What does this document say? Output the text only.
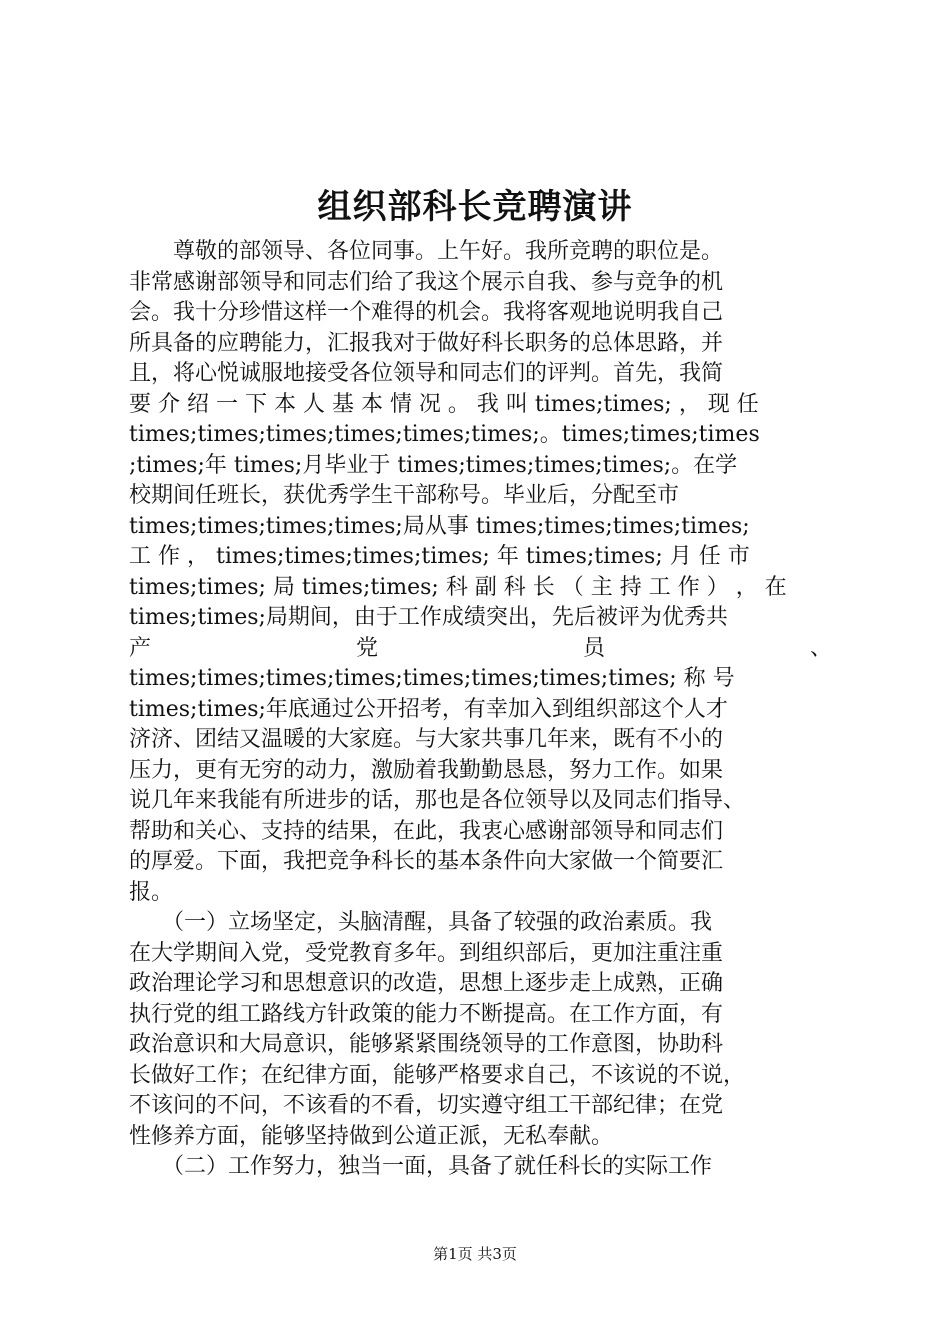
组织部科长竞聘演讲
　　尊敬的部领导、各位同事。上午好。我所竞聘的职位是。
非常感谢部领导和同志们给了我这个展示自我、参与竞争的机
会。我十分珍惜这样一个难得的机会。我将客观地说明我自己
所具备的应聘能力，汇报我对于做好科长职务的总体思路，并
且，将心悦诚服地接受各位领导和同志们的评判。首先，我简
要 介 绍 一 下 本 人 基 本 情 况 。 我 叫 times;times; ， 现 任
times;times;times;times;times;times;。times;times;times
;times;年 times;月毕业于 times;times;times;times;。在学
校期间任班长，获优秀学生干部称号。毕业后，分配至市
times;times;times;times;局从事 times;times;times;times;
工 作 ， times;times;times;times; 年 times;times; 月 任 市
times;times; 局 times;times; 科 副 科 长 （ 主 持 工 作 ） ， 在
times;times;局期间，由于工作成绩突出，先后被评为优秀共
产	党	员	、
times;times;times;times;times;times;times;times; 称 号
times;times;年底通过公开招考，有幸加入到组织部这个人才
济济、团结又温暖的大家庭。与大家共事几年来，既有不小的
压力，更有无穷的动力，激励着我勤勤恳恳，努力工作。如果
说几年来我能有所进步的话，那也是各位领导以及同志们指导、
帮助和关心、支持的结果，在此，我衷心感谢部领导和同志们
的厚爱。下面，我把竞争科长的基本条件向大家做一个简要汇
报。
　　（一）立场坚定，头脑清醒，具备了较强的政治素质。我
在大学期间入党，受党教育多年。到组织部后，更加注重注重
政治理论学习和思想意识的改造，思想上逐步走上成熟，正确
执行党的组工路线方针政策的能力不断提高。在工作方面，有
政治意识和大局意识，能够紧紧围绕领导的工作意图，协助科
长做好工作；在纪律方面，能够严格要求自己，不该说的不说，
不该问的不问，不该看的不看，切实遵守组工干部纪律；在党
性修养方面，能够坚持做到公道正派，无私奉献。
　　（二）工作努力，独当一面，具备了就任科长的实际工作
第1页 共3页
